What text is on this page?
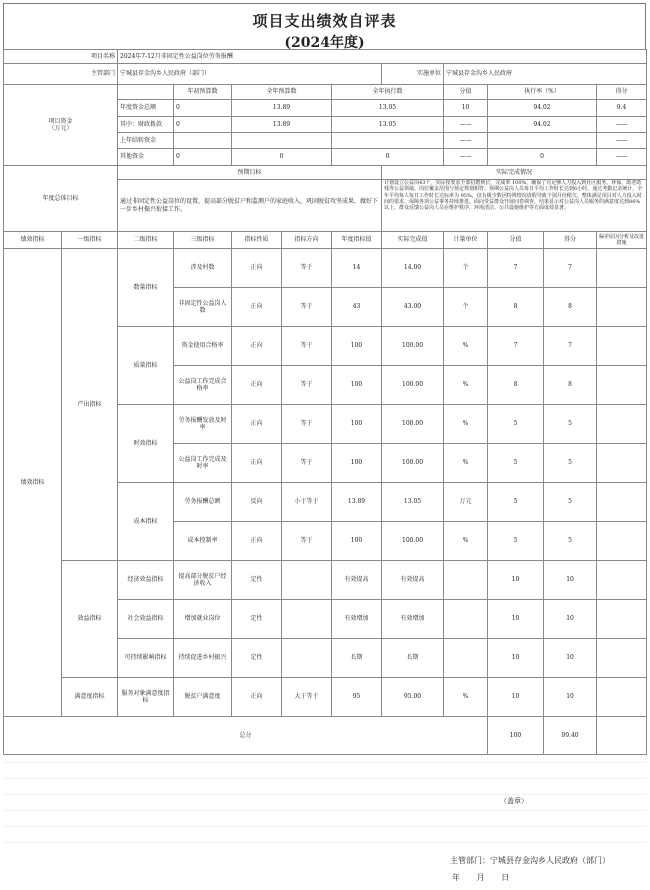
项目支出绩效自评表
(2024年度)
项目名称		2024年7-12月非固定性公益岗位劳务报酬									
主管部门		宁城县存金沟乡人民政府（部门）					实施单位	宁城县存金沟乡人民政府			

项目资金
（万元）			年初预算数	全年预算数		全年执行数		分值	执行率（%）		得分
		年度资金总额	0	13.89		13.05		10	94.02		9.4
		其中：财政拨款	0	13.89		13.05		——	94.02		——
		上年结转资金						——			——
		其他资金	0	0		0		——	0		——
年度总体目标		预期目标					实际完成情况				
		通过非固定性公益岗位的设置，提高部分脱贫户和监测户的家庭收入，巩固脱贫攻坚成果，做好下一步乡村振兴衔接工作。					计划设立公益岗43个，实际按要求全部招聘到位，完成率 100%，确保了有足够人力投入到社区服务、环保、助老助残等公益领域。岗位覆盖范围与预定规划相符。预期公益岗人员每日平均工作时长达到6小时，通过考勤记录统计，全年平均每人每日工作时长达标率为 95%，仅有极少数因特殊情况请假导致个别月份稍欠，整体满足项目对人力投入时间的要求。保障各项公益事务持续推进。面向受益群众开展问卷调查，结果显示对公益岗人员服务的满意度达到86%以上，群众反馈公益岗人员在维护秩序、环境清洁、公共设施维护等方面成效显著。				

绩效指标	一级指标	二级指标	三级指标	指标性质	指标方向	年度指标值	实际完成值	计量单位	分值	得分	偏差原因分析及改进措施
绩效指标	产出指标	数量指标	涉及村数	正向	等于	14	14.00	个	7	7	
			非固定性公益岗人数	正向	等于	43	43.00	个	8	8	
		质量指标	资金使用合格率	正向	等于	100	100.00	%	7	7	
			公益岗工作完成合格率	正向	等于	100	100.00	%	8	8	
		时效指标	劳务报酬发放及时率	正向	等于	100	100.00	%	5	5	
			公益岗工作完成及时率	正向	等于	100	100.00	%	5	5	
		成本指标	劳务报酬总额	反向	小于等于	13.89	13.05	万元	5	5	
			成本控制率	正向	等于	100	100.00	%	5	5	
	效益指标	经济效益指标	提高部分脱贫户经济收入	定性		有效提高	有效提高		10	10	
		社会效益指标	增加就业岗位	定性		有效增加	有效增加		10	10	
		可持续影响指标	持续促进乡村振兴	定性		长期	长期		10	10	
	满意度指标	服务对象满意度指标	脱贫户满意度	正向	大于等于	95	95.00	%	10	10	
总分									100	99.40	
（盖章）
主管部门：宁城县存金沟乡人民政府（部门）
年 月 日
